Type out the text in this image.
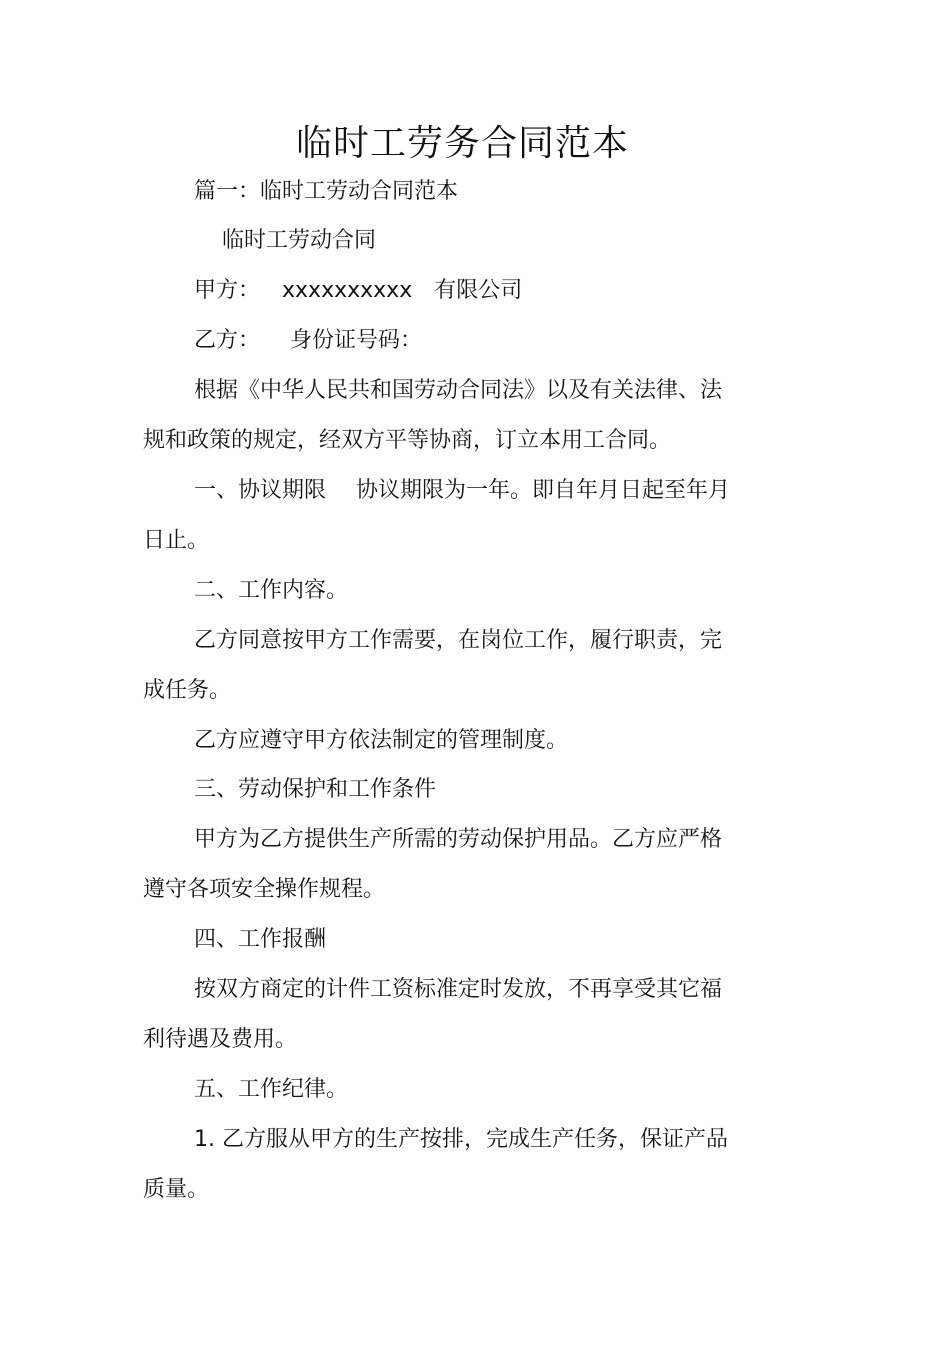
临时工劳务合同范本
篇一：临时工劳动合同范本
临时工劳动合同
甲方： xxxxxxxxxx 有限公司
乙方： 身份证号码：
根据《中华人民共和国劳动合同法》以及有关法律、法
规和政策的规定，经双方平等协商，订立本用工合同。
一、协议期限 协议期限为一年。即自年月日起至年月
日止。
二、工作内容。
乙方同意按甲方工作需要，在岗位工作，履行职责，完
成任务。
乙方应遵守甲方依法制定的管理制度。
三、劳动保护和工作条件
甲方为乙方提供生产所需的劳动保护用品。乙方应严格
遵守各项安全操作规程。
四、工作报酬
按双方商定的计件工资标准定时发放，不再享受其它福
利待遇及费用。
五、工作纪律。
1. 乙方服从甲方的生产按排，完成生产任务，保证产品
质量。
